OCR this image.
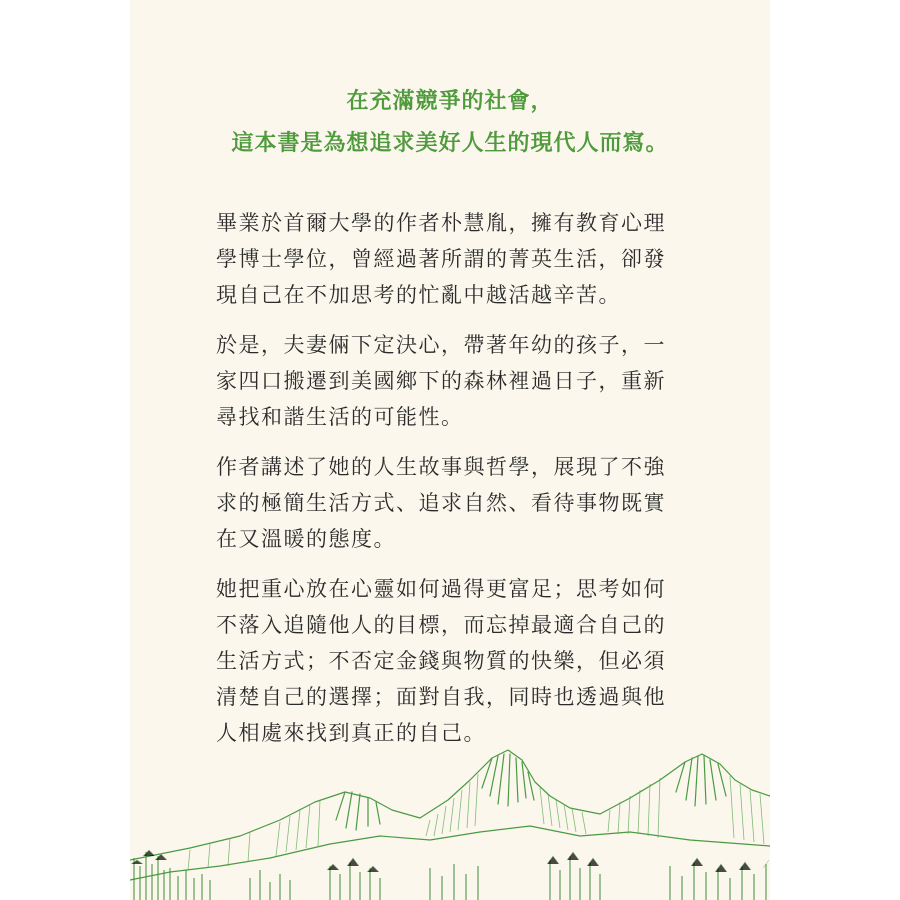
在充滿競爭的社會，
這本書是為想追求美好人生的現代人而寫。

畢業於首爾大學的作者朴慧胤，擁有教育心理
學博士學位，曾經過著所謂的菁英生活，卻發
現自己在不加思考的忙亂中越活越辛苦。

於是，夫妻倆下定決心，帶著年幼的孩子，一
家四口搬遷到美國鄉下的森林裡過日子，重新
尋找和諧生活的可能性。

作者講述了她的人生故事與哲學，展現了不強
求的極簡生活方式、追求自然、看待事物既實
在又溫暖的態度。

她把重心放在心靈如何過得更富足；思考如何
不落入追隨他人的目標，而忘掉最適合自己的
生活方式；不否定金錢與物質的快樂，但必須
清楚自己的選擇；面對自我，同時也透過與他
人相處來找到真正的自己。
